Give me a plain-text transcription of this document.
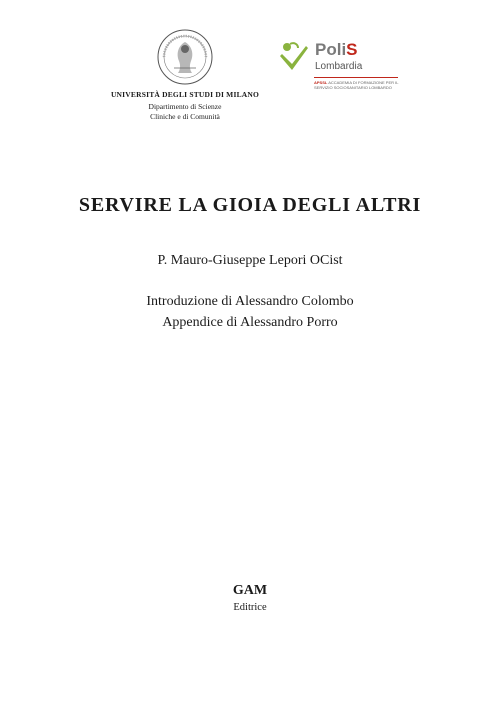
UNIVERSITÀ DEGLI STUDI DI MILANO
Dipartimento di Scienze
Cliniche e di Comunità
PoliS
Lombardia
APSSL ACCADEMIA DI FORMAZIONE PER IL SERVIZIO SOCIOSANITARIO LOMBARDO
SERVIRE LA GIOIA DEGLI ALTRI
P. Mauro-Giuseppe Lepori OCist
Introduzione di Alessandro Colombo
Appendice di Alessandro Porro
GAM
Editrice
